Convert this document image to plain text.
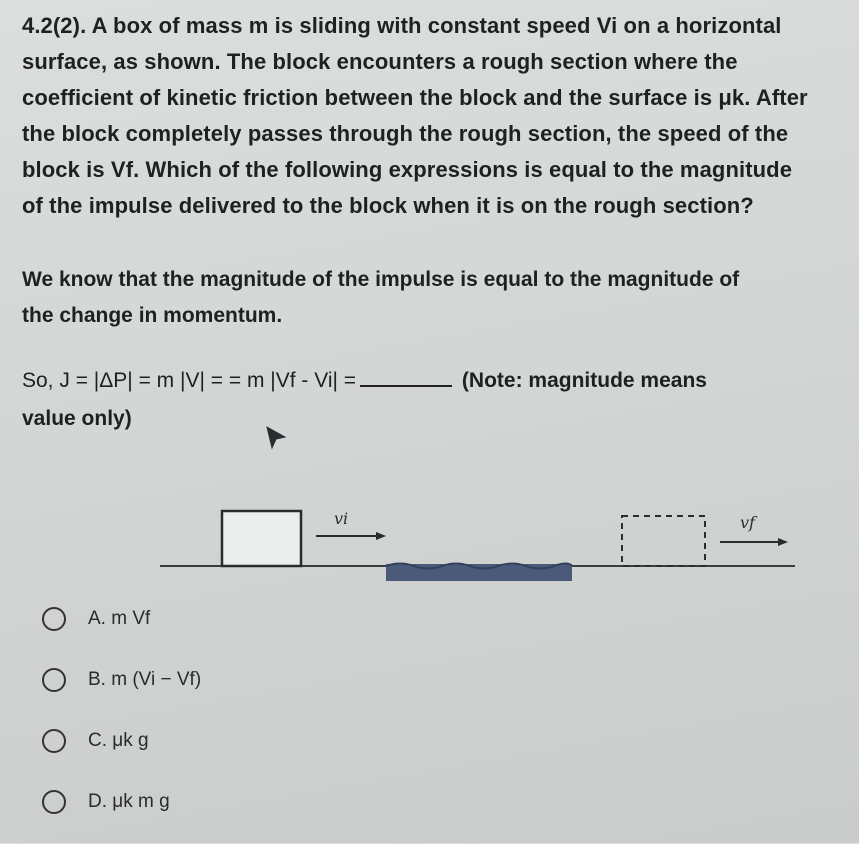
4.2(2). A box of mass m is sliding with constant speed Vi on a horizontal

surface, as shown. The block encounters a rough section where the

coefficient of kinetic friction between the block and the surface is μk. After

the block completely passes through the rough section, the speed of the

block is Vf. Which of the following expressions is equal to the magnitude

of the impulse delivered to the block when it is on the rough section?

We know that the magnitude of the impulse is equal to the magnitude of
the change in momentum.
So, J = |ΔP| = m |V| = = m |Vf - Vi| =	(Note: magnitude means
value only)
vi	vf
A. m Vf
B. m (Vi − Vf)
C. μk g
D. μk m g
